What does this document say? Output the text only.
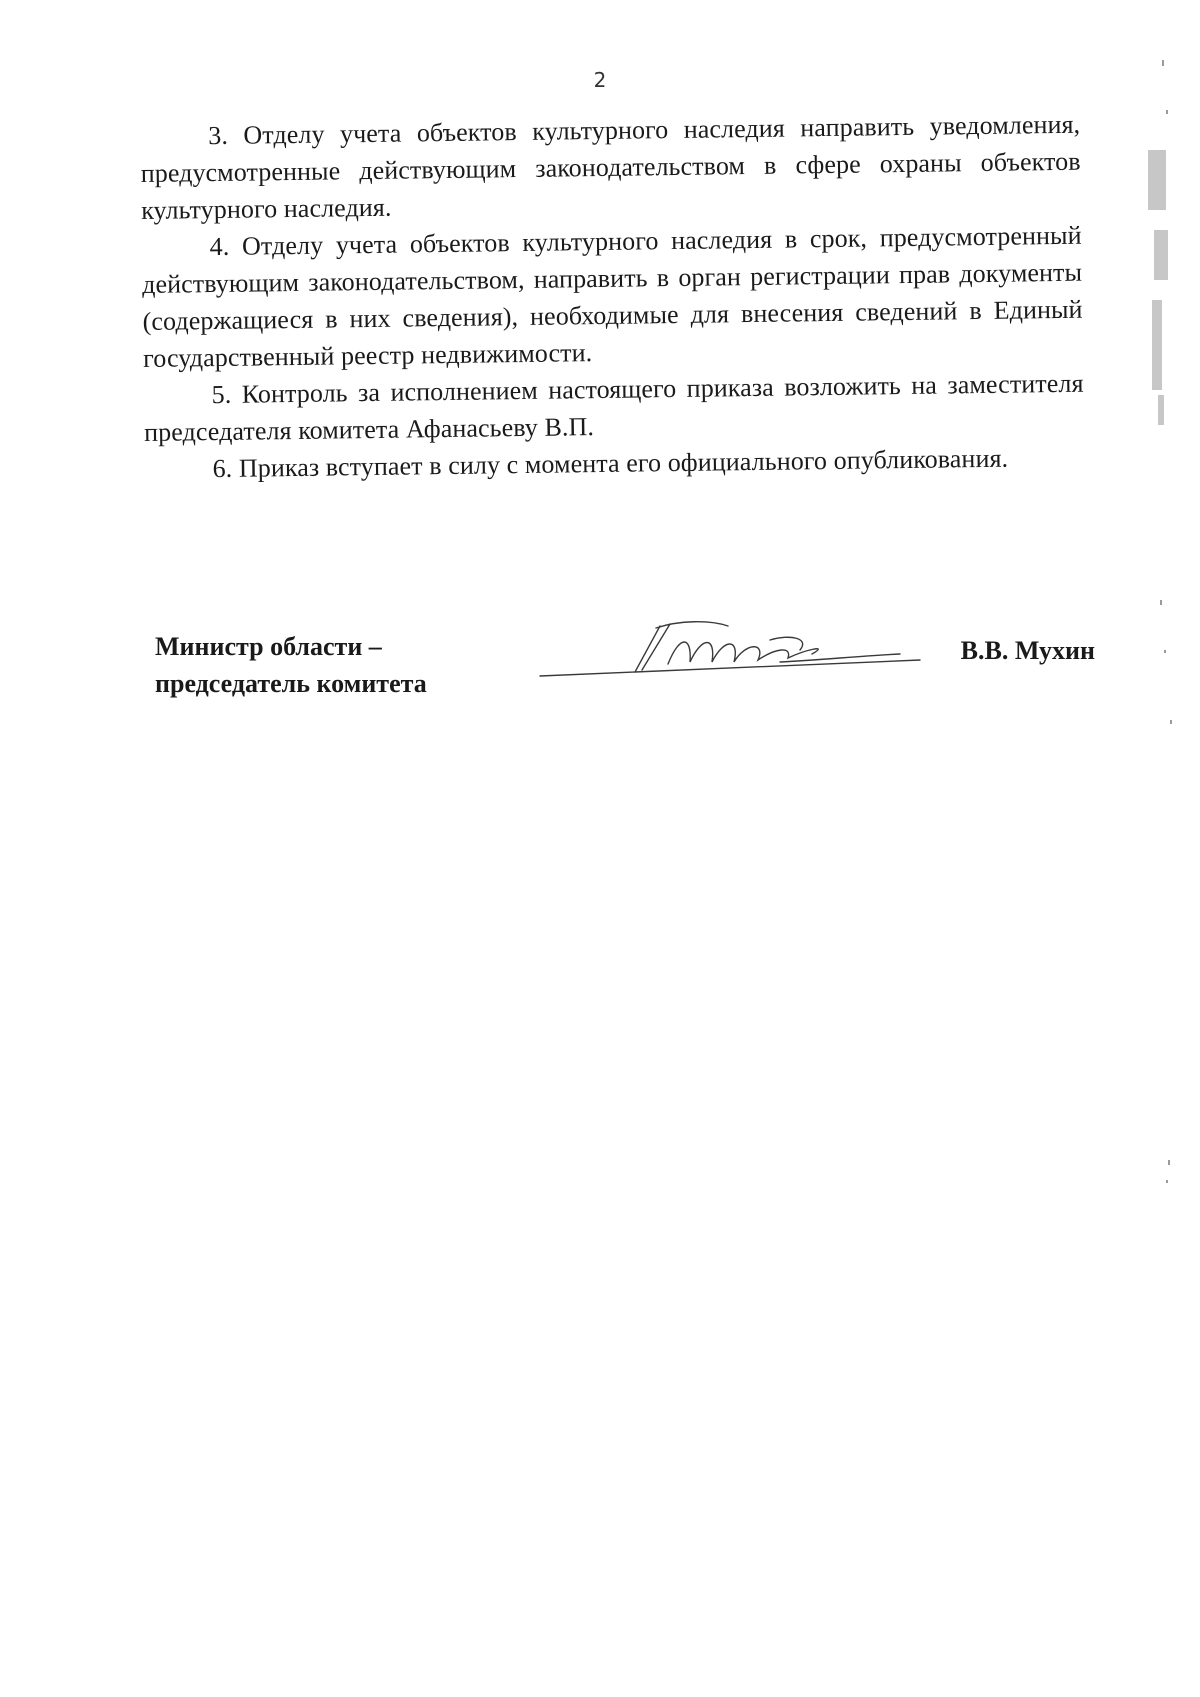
2

3. Отделу учета объектов культурного наследия направить уведомления, предусмотренные действующим законодательством в сфере охраны объектов культурного наследия.

4. Отделу учета объектов культурного наследия в срок, предусмотренный действующим законодательством, направить в орган регистрации прав документы (содержащиеся в них сведения), необходимые для внесения сведений в Единый государственный реестр недвижимости.

5. Контроль за исполнением настоящего приказа возложить на заместителя председателя комитета Афанасьеву В.П.

6. Приказ вступает в силу с момента его официального опубликования.

Министр области –
председатель комитета
В.В. Мухин
